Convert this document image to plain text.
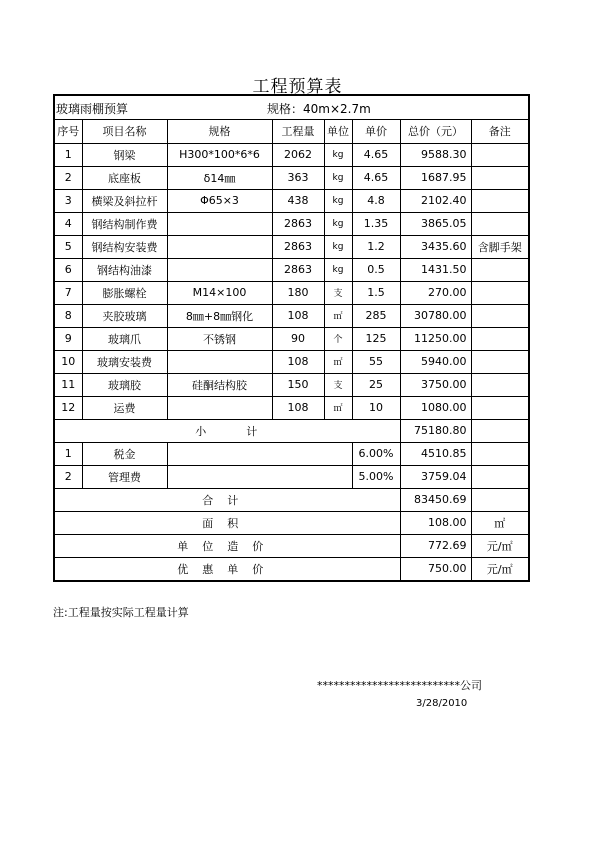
工程预算表
玻璃雨棚预算	规格：40m×2.7m
序号	项目名称	规格	工程量	单位	单价	总价（元）	备注
1	钢梁	H300*100*6*6	2062	kg	4.65	9588.30	
2	底座板	δ14㎜	363	kg	4.65	1687.95	
3	横梁及斜拉杆	Φ65×3	438	kg	4.8	2102.40	
4	钢结构制作费		2863	kg	1.35	3865.05	
5	钢结构安装费		2863	kg	1.2	3435.60	含脚手架
6	钢结构油漆		2863	kg	0.5	1431.50	
7	膨胀螺栓	M14×100	180	支	1.5	270.00	
8	夹胶玻璃	8㎜+8㎜钢化	108	㎡	285	30780.00	
9	玻璃爪	不锈钢	90	个	125	11250.00	
10	玻璃安装费		108	㎡	55	5940.00	
11	玻璃胶	硅酮结构胶	150	支	25	3750.00	
12	运费		108	㎡	10	1080.00	
小计						75180.80	
1	税金				6.00%	4510.85	
2	管理费				5.00%	3759.04	
合计						83450.69	
面积						108.00	㎡
单位造价						772.69	元/㎡
优惠单价						750.00	元/㎡
注:工程量按实际工程量计算
**************************公司
3/28/2010
